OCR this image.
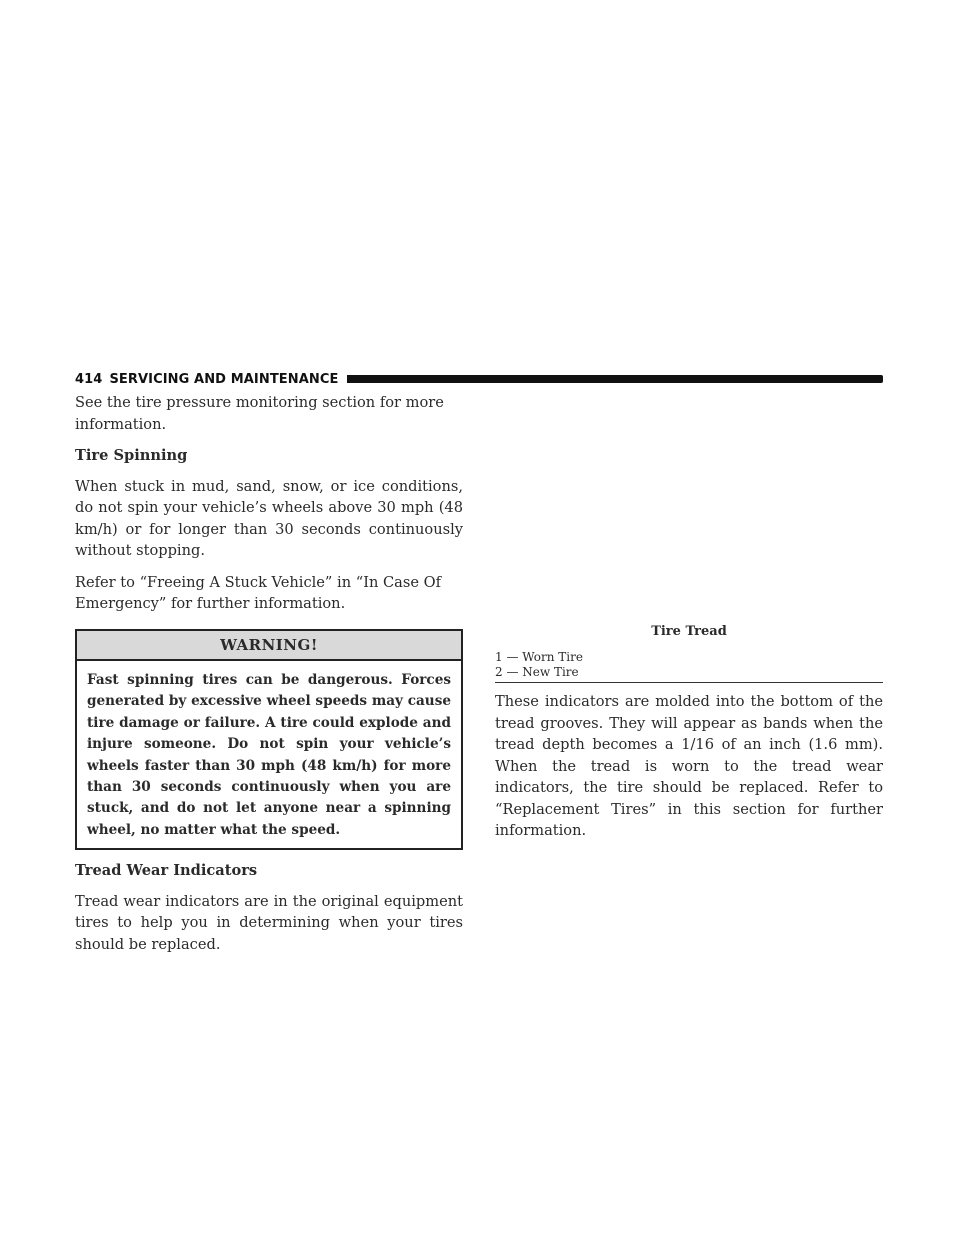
414 SERVICING AND MAINTENANCE

See the tire pressure monitoring section for more information.

Tire Spinning

When stuck in mud, sand, snow, or ice conditions, do not spin your vehicle’s wheels above 30 mph (48 km/h) or for longer than 30 seconds continuously without stopping.

Refer to “Freeing A Stuck Vehicle” in “In Case Of Emergency” for further information.

WARNING!
Fast spinning tires can be dangerous. Forces generated by excessive wheel speeds may cause tire damage or failure. A tire could explode and injure someone. Do not spin your vehicle’s wheels faster than 30 mph (48 km/h) for more than 30 seconds continuously when you are stuck, and do not let anyone near a spinning wheel, no matter what the speed.

Tread Wear Indicators

Tread wear indicators are in the original equipment tires to help you in determining when your tires should be replaced.

Tire Tread
1 — Worn Tire
2 — New Tire

These indicators are molded into the bottom of the tread grooves. They will appear as bands when the tread depth becomes a 1/16 of an inch (1.6 mm). When the tread is worn to the tread wear indicators, the tire should be replaced. Refer to “Replacement Tires” in this section for further information.
